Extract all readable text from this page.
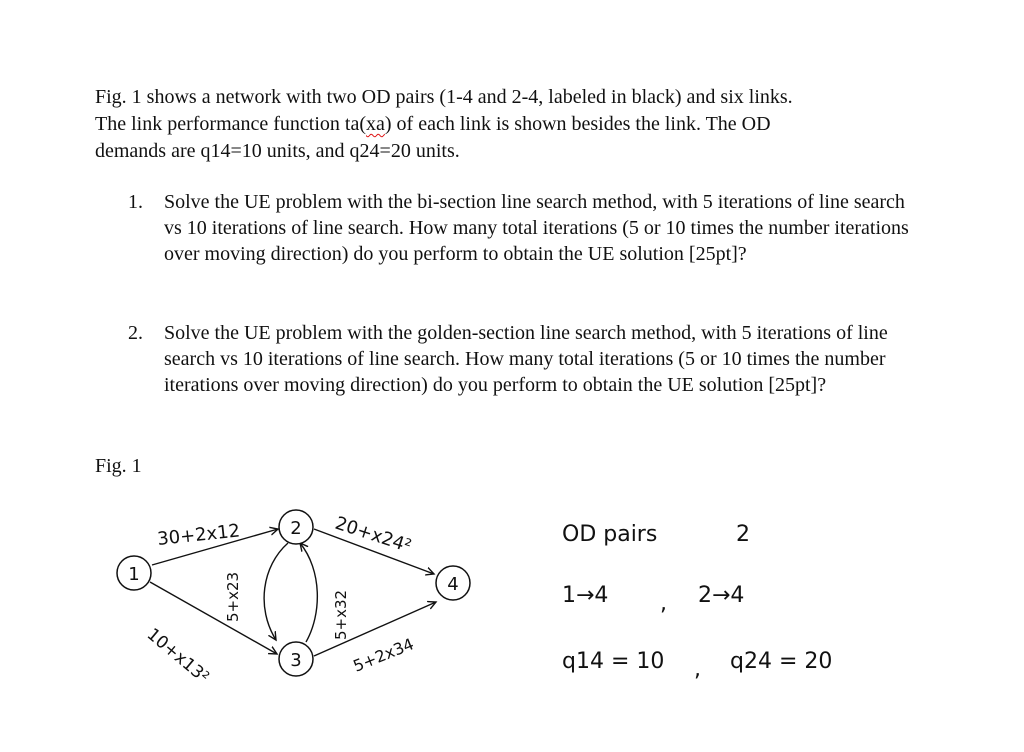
Fig. 1 shows a network with two OD pairs (1-4 and 2-4, labeled in black) and six links.

The link performance function ta(xa) of each link is shown besides the link. The OD

demands are q14=10 units, and q24=20 units.

1.	Solve the UE problem with the bi-section line search method, with 5 iterations of line search vs 10 iterations of line search. How many total iterations (5 or 10 times the number iterations over moving direction) do you perform to obtain the UE solution [25pt]?
2.	Solve the UE problem with the golden-section line search method, with 5 iterations of line search vs 10 iterations of line search. How many total iterations (5 or 10 times the number iterations over moving direction) do you perform to obtain the UE solution [25pt]?
Fig. 1
1
2
3
4
30+2x12	20+x24²
10+x13²	5+2x34
5+x23	5+x32
OD pairs	2
1→4 , 2→4
q14 = 10 , q24 = 20
